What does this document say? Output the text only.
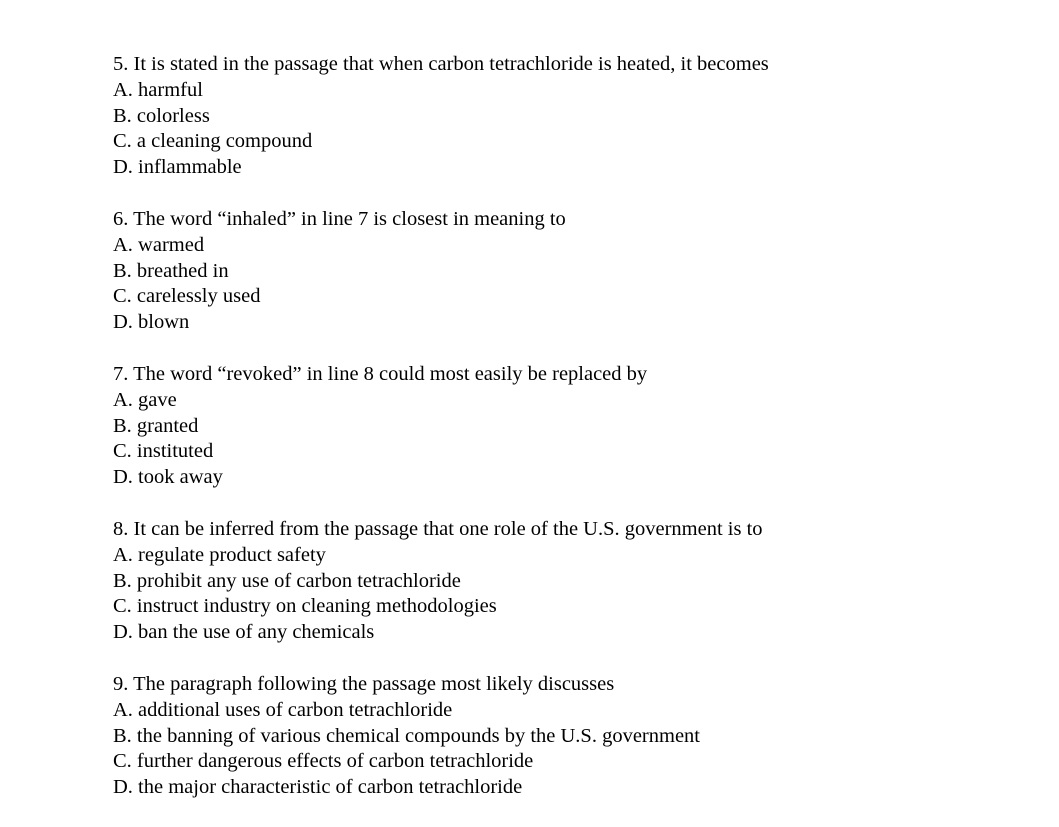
5. It is stated in the passage that when carbon tetrachloride is heated, it becomes

A. harmful

B. colorless

C. a cleaning compound

D. inflammable

6. The word “inhaled” in line 7 is closest in meaning to

A. warmed

B. breathed in

C. carelessly used

D. blown

7. The word “revoked” in line 8 could most easily be replaced by

A. gave

B. granted

C. instituted

D. took away

8. It can be inferred from the passage that one role of the U.S. government is to

A. regulate product safety

B. prohibit any use of carbon tetrachloride

C. instruct industry on cleaning methodologies

D. ban the use of any chemicals

9. The paragraph following the passage most likely discusses

A. additional uses of carbon tetrachloride

B. the banning of various chemical compounds by the U.S. government

C. further dangerous effects of carbon tetrachloride

D. the major characteristic of carbon tetrachloride
